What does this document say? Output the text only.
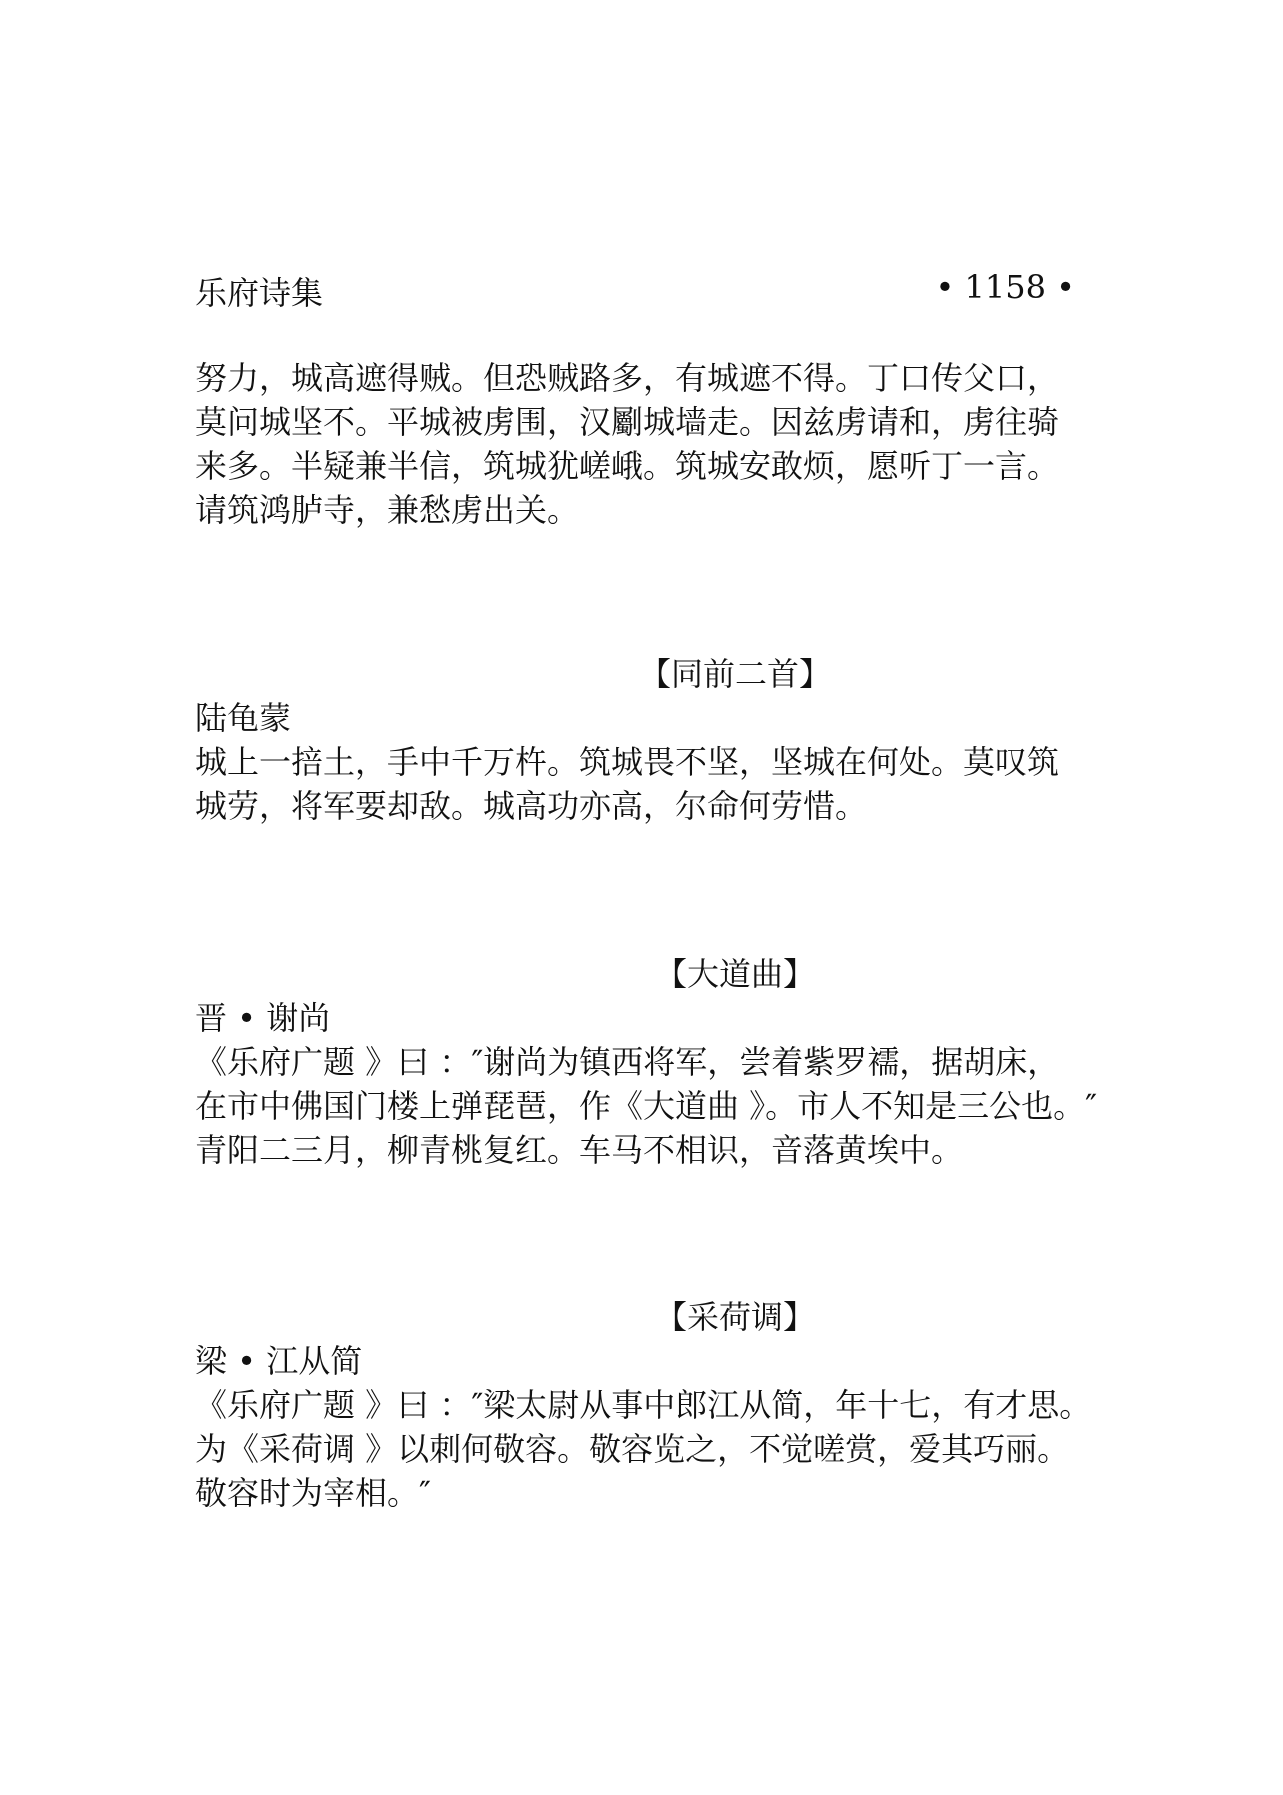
乐府诗集	• 1158 •
努力，城高遮得贼。但恐贼路多，有城遮不得。丁口传父口，
莫问城坚不。平城被虏围，汉劚城墙走。因兹虏请和，虏往骑
来多。半疑兼半信，筑城犹嵯峨。筑城安敢烦，愿听丁一言。
请筑鸿胪寺，兼愁虏出关。
【同前二首】
陆龟蒙
城上一掊土，手中千万杵。筑城畏不坚，坚城在何处。莫叹筑
城劳，将军要却敌。城高功亦高，尔命何劳惜。
【大道曲】
晋 • 谢尚
《乐府广题 》曰 ：″谢尚为镇西将军，尝着紫罗襦，据胡床，
在市中佛国门楼上弹琵琶，作《大道曲 》。市人不知是三公也。″
青阳二三月，柳青桃复红。车马不相识，音落黄埃中。
【采荷调】
梁 • 江从简
《乐府广题 》曰 ：″梁太尉从事中郎江从简，年十七，有才思。
为《采荷调 》以刺何敬容。敬容览之，不觉嗟赏，爱其巧丽。
敬容时为宰相。″
